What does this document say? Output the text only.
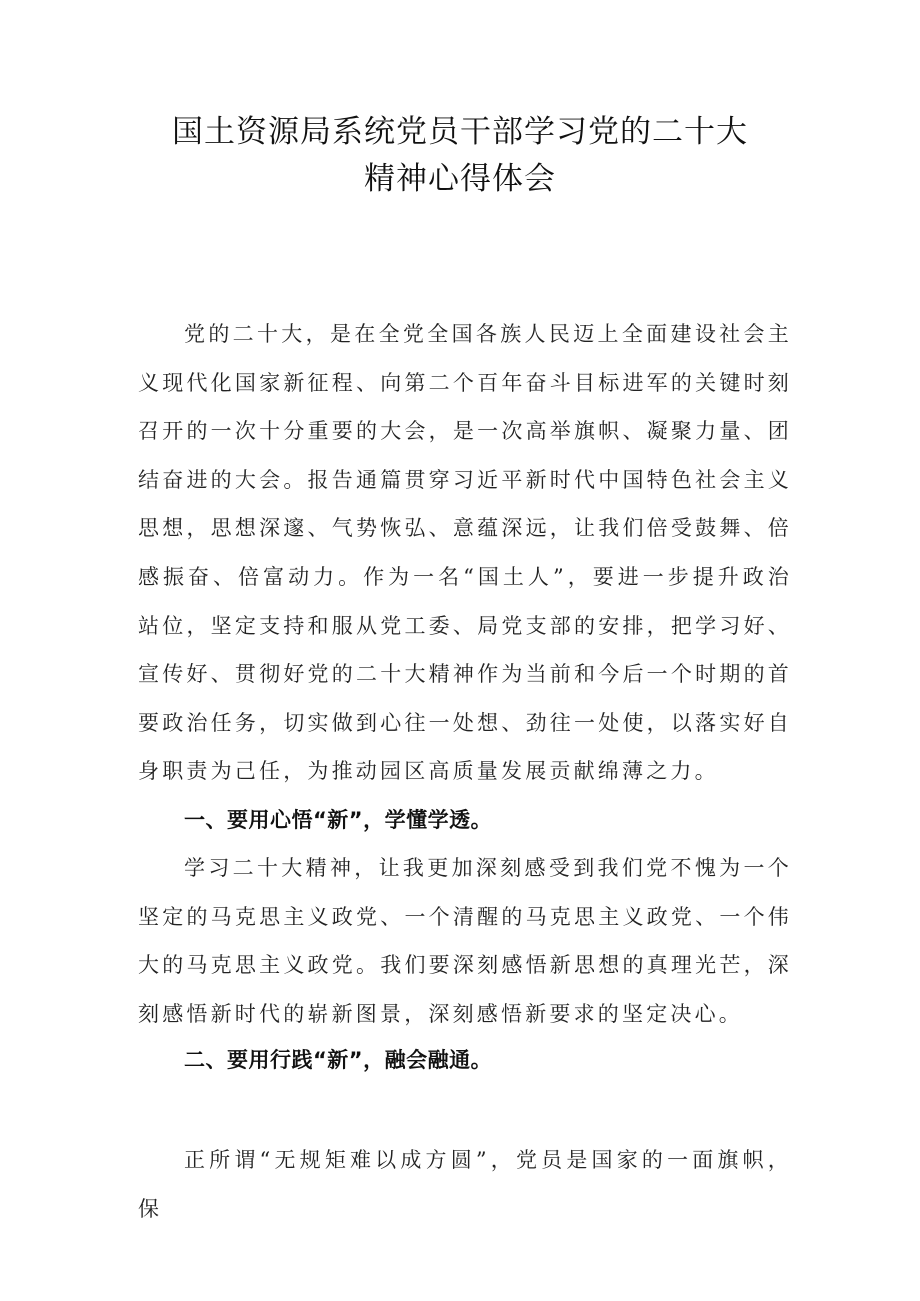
国土资源局系统党员干部学习党的二十大
精神心得体会

党的二十大，是在全党全国各族人民迈上全面建设社会主义现代化国家新征程、向第二个百年奋斗目标进军的关键时刻召开的一次十分重要的大会，是一次高举旗帜、凝聚力量、团结奋进的大会。报告通篇贯穿习近平新时代中国特色社会主义思想，思想深邃、气势恢弘、意蕴深远，让我们倍受鼓舞、倍感振奋、倍富动力。作为一名“国土人”，要进一步提升政治站位，坚定支持和服从党工委、局党支部的安排，把学习好、宣传好、贯彻好党的二十大精神作为当前和今后一个时期的首要政治任务，切实做到心往一处想、劲往一处使，以落实好自身职责为己任，为推动园区高质量发展贡献绵薄之力。

一、要用心悟“新”，学懂学透。

学习二十大精神，让我更加深刻感受到我们党不愧为一个坚定的马克思主义政党、一个清醒的马克思主义政党、一个伟大的马克思主义政党。我们要深刻感悟新思想的真理光芒，深刻感悟新时代的崭新图景，深刻感悟新要求的坚定决心。

二、要用行践“新”，融会融通。

正所谓“无规矩难以成方圆”，党员是国家的一面旗帜，保
